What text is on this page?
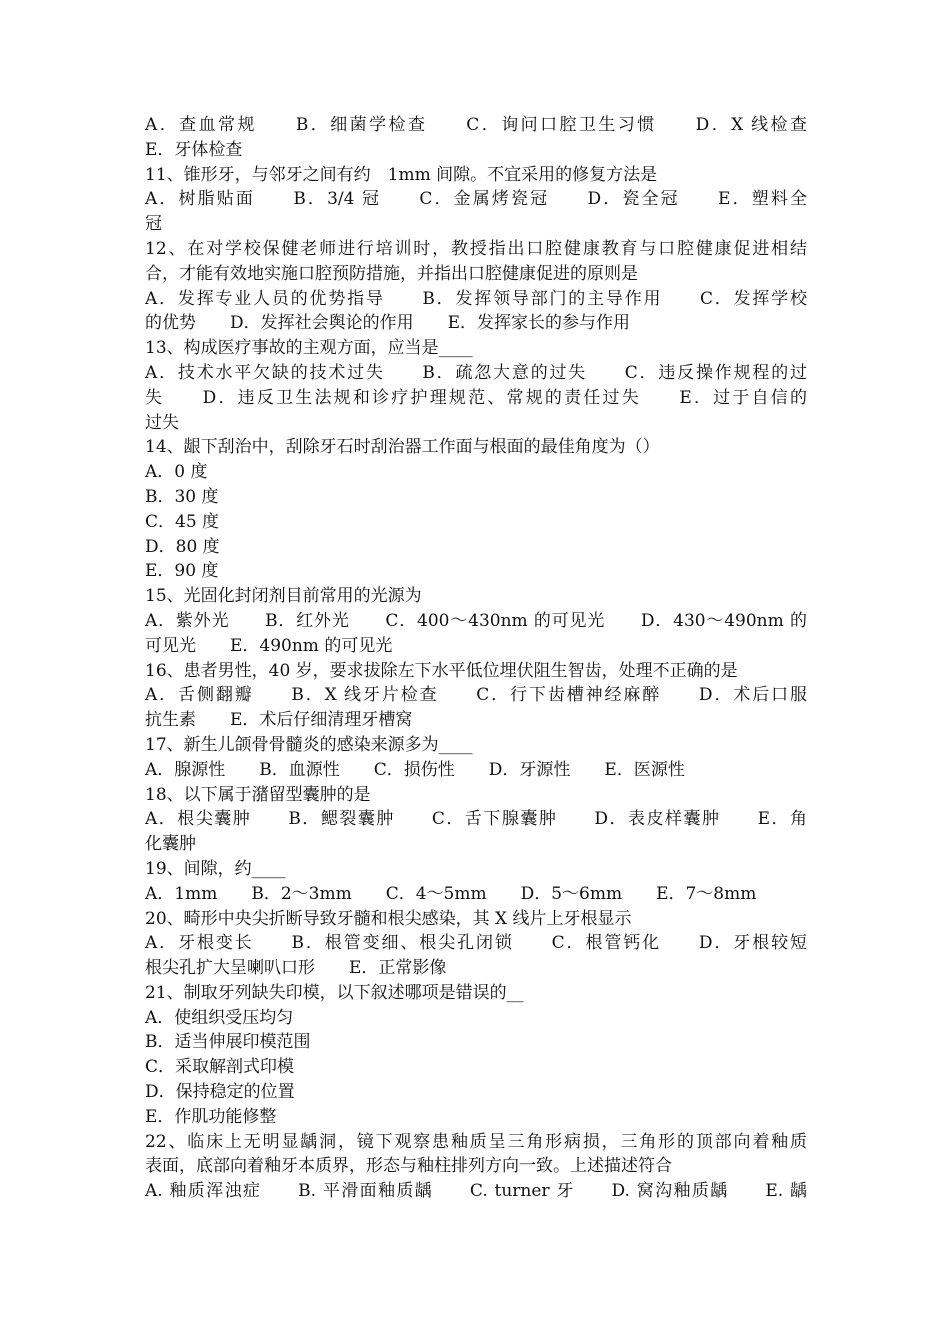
A．查血常规　　B．细菌学检查　　C．询问口腔卫生习惯　　D．X 线检查
E．牙体检查
11、锥形牙，与邻牙之间有约　1mm 间隙。不宜采用的修复方法是
A．树脂贴面　　B．3/4 冠　　C．金属烤瓷冠　　D．瓷全冠　　E．塑料全
冠
12、在对学校保健老师进行培训时，教授指出口腔健康教育与口腔健康促进相结
合，才能有效地实施口腔预防措施，并指出口腔健康促进的原则是
A．发挥专业人员的优势指导　　B．发挥领导部门的主导作用　　C．发挥学校
的优势　　D．发挥社会舆论的作用　　E．发挥家长的参与作用
13、构成医疗事故的主观方面，应当是____
A．技术水平欠缺的技术过失　　B．疏忽大意的过失　　C．违反操作规程的过
失　　D．违反卫生法规和诊疗护理规范、常规的责任过失　　E．过于自信的
过失
14、龈下刮治中，刮除牙石时刮治器工作面与根面的最佳角度为（）
A．0 度
B．30 度
C．45 度
D．80 度
E．90 度
15、光固化封闭剂目前常用的光源为
A．紫外光　　B．红外光　　C．400～430nm 的可见光　　D．430～490nm 的
可见光　　E．490nm 的可见光
16、患者男性，40 岁，要求拔除左下水平低位埋伏阻生智齿，处理不正确的是
A．舌侧翻瓣　　B．X 线牙片检查　　C．行下齿槽神经麻醉　　D．术后口服
抗生素　　E．术后仔细清理牙槽窝
17、新生儿颌骨骨髓炎的感染来源多为____
A．腺源性　　B．血源性　　C．损伤性　　D．牙源性　　E．医源性
18、以下属于潴留型囊肿的是
A．根尖囊肿　　B．鳃裂囊肿　　C．舌下腺囊肿　　D．表皮样囊肿　　E．角
化囊肿
19、间隙，约____
A．1mm　　B．2～3mm　　C．4～5mm　　D．5～6mm　　E．7～8mm
20、畸形中央尖折断导致牙髓和根尖感染，其 X 线片上牙根显示
A．牙根变长　　B．根管变细、根尖孔闭锁　　C．根管钙化　　D．牙根较短
根尖孔扩大呈喇叭口形　　E．正常影像
21、制取牙列缺失印模，以下叙述哪项是错误的__
A．使组织受压均匀
B．适当伸展印模范围
C．采取解剖式印模
D．保持稳定的位置
E．作肌功能修整
22、临床上无明显龋洞，镜下观察患釉质呈三角形病损，三角形的顶部向着釉质
表面，底部向着釉牙本质界，形态与釉柱排列方向一致。上述描述符合
A. 釉质浑浊症　　B. 平滑面釉质龋　　C. turner 牙　　D. 窝沟釉质龋　　E. 龋
